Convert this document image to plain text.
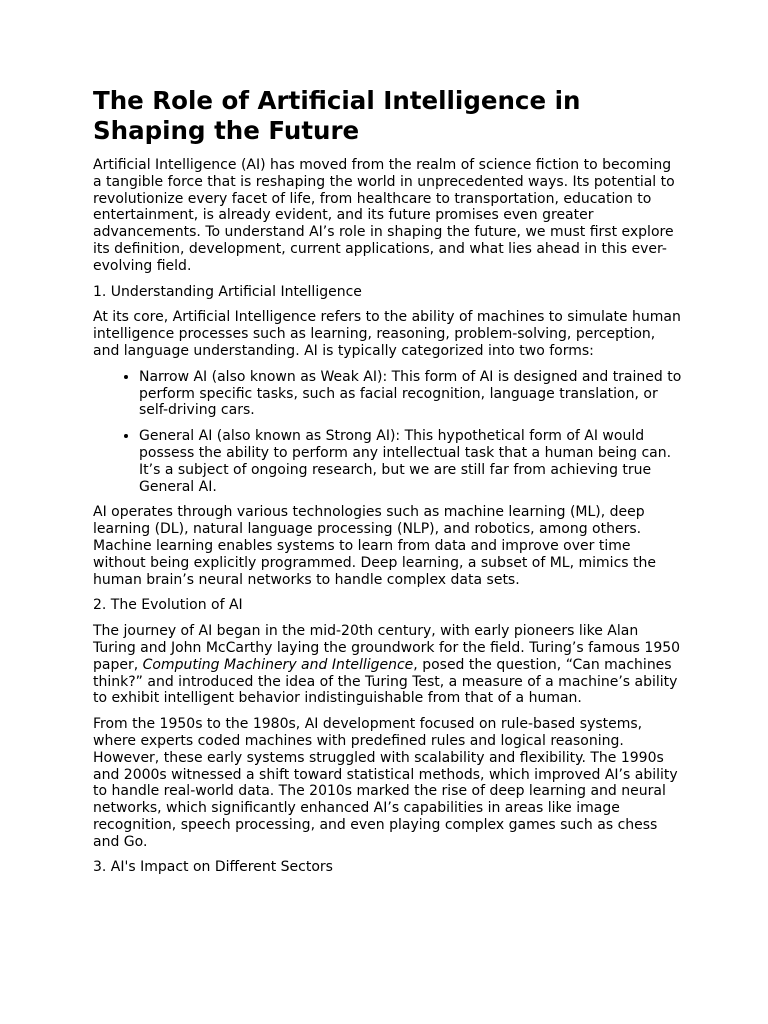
The Role of Artificial Intelligence in Shaping the Future

Artificial Intelligence (AI) has moved from the realm of science fiction to becoming a tangible force that is reshaping the world in unprecedented ways. Its potential to revolutionize every facet of life, from healthcare to transportation, education to entertainment, is already evident, and its future promises even greater advancements. To understand AI’s role in shaping the future, we must first explore its definition, development, current applications, and what lies ahead in this ever-evolving field.

1. Understanding Artificial Intelligence

At its core, Artificial Intelligence refers to the ability of machines to simulate human intelligence processes such as learning, reasoning, problem-solving, perception, and language understanding. AI is typically categorized into two forms:

• Narrow AI (also known as Weak AI): This form of AI is designed and trained to perform specific tasks, such as facial recognition, language translation, or self-driving cars.
• General AI (also known as Strong AI): This hypothetical form of AI would possess the ability to perform any intellectual task that a human being can. It’s a subject of ongoing research, but we are still far from achieving true General AI.

AI operates through various technologies such as machine learning (ML), deep learning (DL), natural language processing (NLP), and robotics, among others. Machine learning enables systems to learn from data and improve over time without being explicitly programmed. Deep learning, a subset of ML, mimics the human brain’s neural networks to handle complex data sets.

2. The Evolution of AI

The journey of AI began in the mid-20th century, with early pioneers like Alan Turing and John McCarthy laying the groundwork for the field. Turing’s famous 1950 paper, Computing Machinery and Intelligence, posed the question, “Can machines think?” and introduced the idea of the Turing Test, a measure of a machine’s ability to exhibit intelligent behavior indistinguishable from that of a human.

From the 1950s to the 1980s, AI development focused on rule-based systems, where experts coded machines with predefined rules and logical reasoning. However, these early systems struggled with scalability and flexibility. The 1990s and 2000s witnessed a shift toward statistical methods, which improved AI’s ability to handle real-world data. The 2010s marked the rise of deep learning and neural networks, which significantly enhanced AI’s capabilities in areas like image recognition, speech processing, and even playing complex games such as chess and Go.

3. AI's Impact on Different Sectors
